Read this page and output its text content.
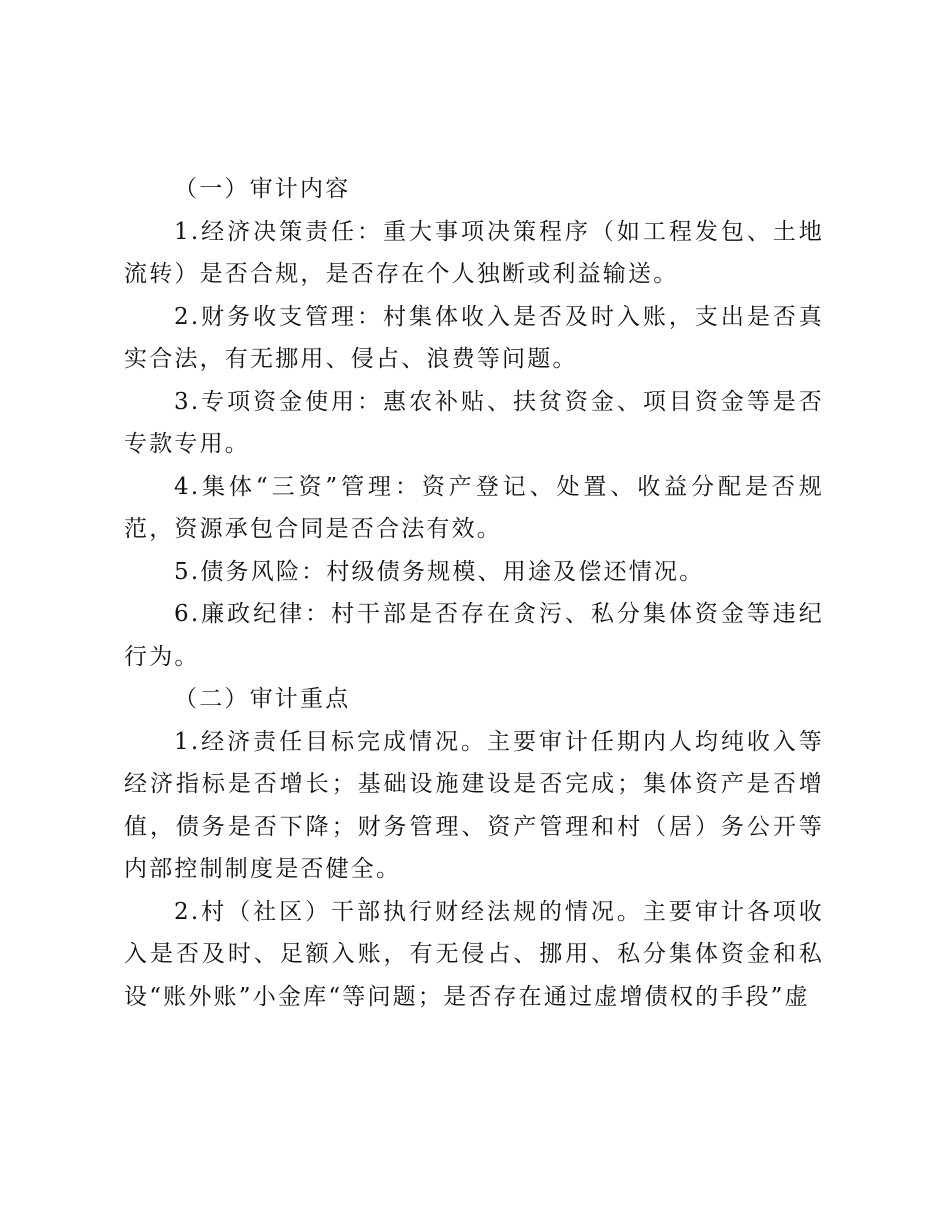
（一）审计内容

1.经济决策责任：重大事项决策程序（如工程发包、土地流转）是否合规，是否存在个人独断或利益输送。

2.财务收支管理：村集体收入是否及时入账，支出是否真实合法，有无挪用、侵占、浪费等问题。

3.专项资金使用：惠农补贴、扶贫资金、项目资金等是否专款专用。

4.集体“三资”管理：资产登记、处置、收益分配是否规范，资源承包合同是否合法有效。

5.债务风险：村级债务规模、用途及偿还情况。

6.廉政纪律：村干部是否存在贪污、私分集体资金等违纪行为。

（二）审计重点

1.经济责任目标完成情况。主要审计任期内人均纯收入等经济指标是否增长；基础设施建设是否完成；集体资产是否增值，债务是否下降；财务管理、资产管理和村（居）务公开等内部控制制度是否健全。

2.村（社区）干部执行财经法规的情况。主要审计各项收入是否及时、足额入账，有无侵占、挪用、私分集体资金和私设“账外账”小金库“等问题；是否存在通过虚增债权的手段”虚
